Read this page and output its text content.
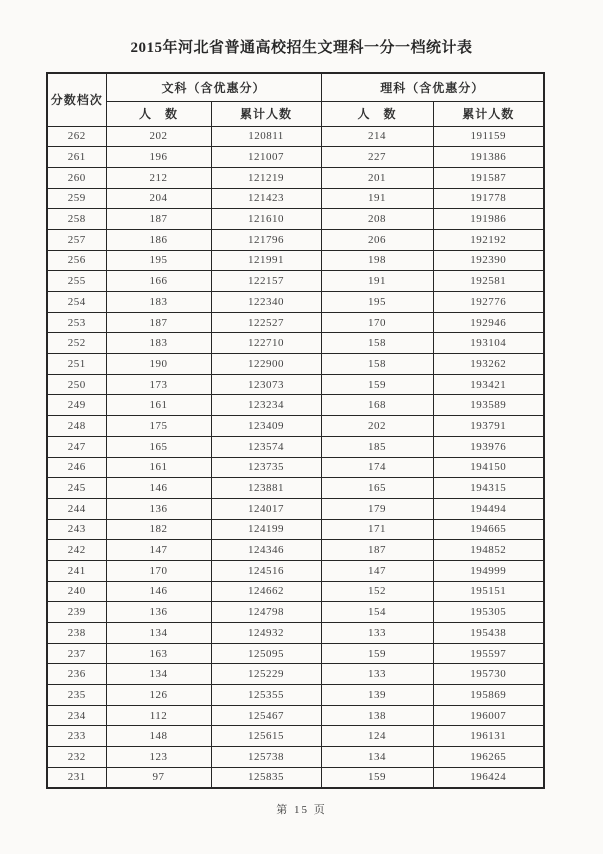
2015年河北省普通高校招生文理科一分一档统计表
分数档次	文科（含优惠分）		理科（含优惠分）	
	人　数	累计人数	人　数	累计人数
262	202	120811	214	191159
261	196	121007	227	191386
260	212	121219	201	191587
259	204	121423	191	191778
258	187	121610	208	191986
257	186	121796	206	192192
256	195	121991	198	192390
255	166	122157	191	192581
254	183	122340	195	192776
253	187	122527	170	192946
252	183	122710	158	193104
251	190	122900	158	193262
250	173	123073	159	193421
249	161	123234	168	193589
248	175	123409	202	193791
247	165	123574	185	193976
246	161	123735	174	194150
245	146	123881	165	194315
244	136	124017	179	194494
243	182	124199	171	194665
242	147	124346	187	194852
241	170	124516	147	194999
240	146	124662	152	195151
239	136	124798	154	195305
238	134	124932	133	195438
237	163	125095	159	195597
236	134	125229	133	195730
235	126	125355	139	195869
234	112	125467	138	196007
233	148	125615	124	196131
232	123	125738	134	196265
231	97	125835	159	196424
第 15 页
